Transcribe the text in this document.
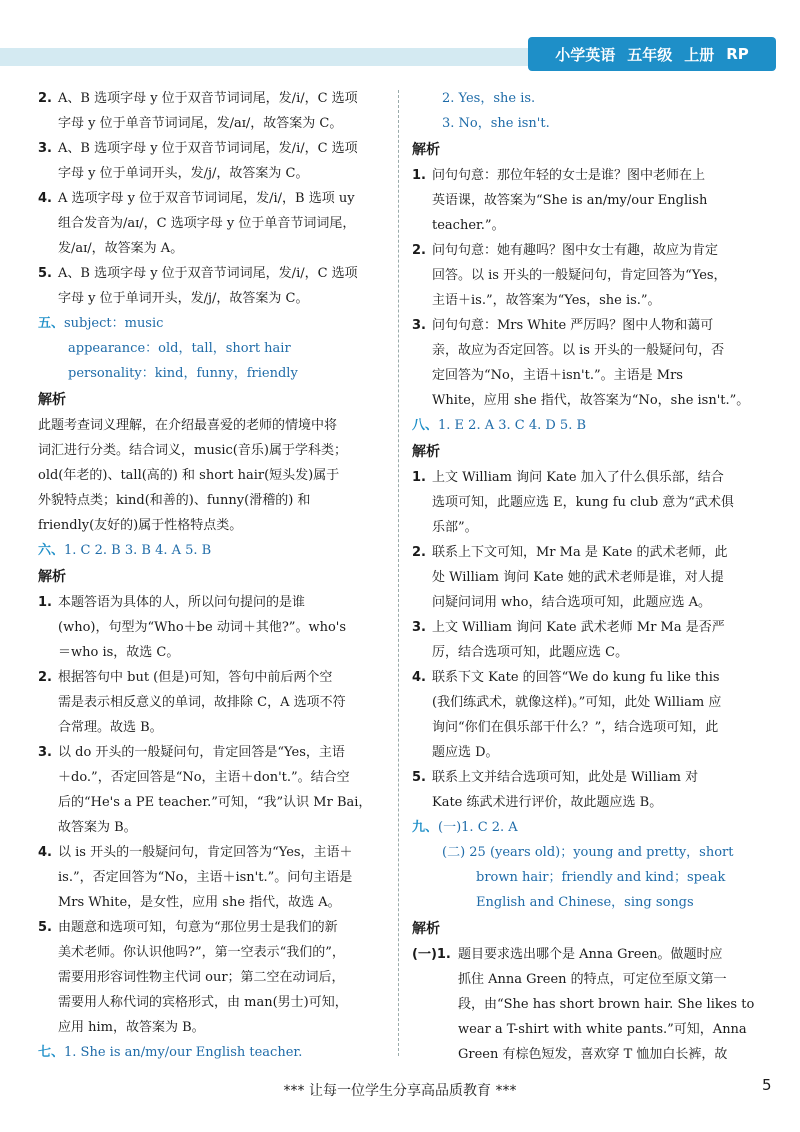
小学英语 五年级 上册 RP
2. A、B 选项字母 y 位于双音节词词尾，发/i/，C 选项
字母 y 位于单音节词词尾，发/aɪ/，故答案为 C。
3. A、B 选项字母 y 位于双音节词词尾，发/i/，C 选项
字母 y 位于单词开头，发/j/，故答案为 C。
4. A 选项字母 y 位于双音节词词尾，发/i/，B 选项 uy
组合发音为/aɪ/，C 选项字母 y 位于单音节词词尾，
发/aɪ/，故答案为 A。
5. A、B 选项字母 y 位于双音节词词尾，发/i/，C 选项
字母 y 位于单词开头，发/j/，故答案为 C。
五、subject：music
appearance：old，tall，short hair
personality：kind，funny，friendly
解析
此题考查词义理解，在介绍最喜爱的老师的情境中将
词汇进行分类。结合词义，music(音乐)属于学科类；
old(年老的)、tall(高的) 和 short hair(短头发)属于
外貌特点类；kind(和善的)、funny(滑稽的) 和
friendly(友好的)属于性格特点类。
六、1. C 2. B 3. B 4. A 5. B
解析
1. 本题答语为具体的人，所以问句提问的是谁
(who)，句型为“Who＋be 动词＋其他?”。who's
＝who is，故选 C。
2. 根据答句中 but (但是)可知，答句中前后两个空
需是表示相反意义的单词，故排除 C，A 选项不符
合常理。故选 B。
3. 以 do 开头的一般疑问句，肯定回答是“Yes，主语
＋do.”，否定回答是“No，主语＋don't.”。结合空
后的“He's a PE teacher.”可知，“我”认识 Mr Bai，
故答案为 B。
4. 以 is 开头的一般疑问句，肯定回答为“Yes，主语＋
is.”，否定回答为“No，主语＋isn't.”。问句主语是
Mrs White，是女性，应用 she 指代，故选 A。
5. 由题意和选项可知，句意为“那位男士是我们的新
美术老师。你认识他吗?”，第一空表示“我们的”，
需要用形容词性物主代词 our；第二空在动词后，
需要用人称代词的宾格形式，由 man(男士)可知，
应用 him，故答案为 B。
七、1. She is an/my/our English teacher.
2. Yes，she is.
3. No，she isn't.
解析
1. 问句句意：那位年轻的女士是谁？图中老师在上
英语课，故答案为“She is an/my/our English
teacher.”。
2. 问句句意：她有趣吗？图中女士有趣，故应为肯定
回答。以 is 开头的一般疑问句，肯定回答为“Yes，
主语＋is.”，故答案为“Yes，she is.”。
3. 问句句意：Mrs White 严厉吗？图中人物和蔼可
亲，故应为否定回答。以 is 开头的一般疑问句，否
定回答为“No，主语＋isn't.”。主语是 Mrs
White，应用 she 指代，故答案为“No，she isn't.”。
八、1. E 2. A 3. C 4. D 5. B
解析
1. 上文 William 询问 Kate 加入了什么俱乐部，结合
选项可知，此题应选 E，kung fu club 意为“武术俱
乐部”。
2. 联系上下文可知，Mr Ma 是 Kate 的武术老师，此
处 William 询问 Kate 她的武术老师是谁，对人提
问疑问词用 who，结合选项可知，此题应选 A。
3. 上文 William 询问 Kate 武术老师 Mr Ma 是否严
厉，结合选项可知，此题应选 C。
4. 联系下文 Kate 的回答“We do kung fu like this
(我们练武术，就像这样)。”可知，此处 William 应
询问“你们在俱乐部干什么？”，结合选项可知，此
题应选 D。
5. 联系上文并结合选项可知，此处是 William 对
Kate 练武术进行评价，故此题应选 B。
九、(一)1. C 2. A
(二) 25 (years old)；young and pretty，short
brown hair；friendly and kind；speak
English and Chinese，sing songs
解析
(一)1. 题目要求选出哪个是 Anna Green。做题时应
抓住 Anna Green 的特点，可定位至原文第一
段，由“She has short brown hair. She likes to
wear a T-shirt with white pants.”可知，Anna
Green 有棕色短发，喜欢穿 T 恤加白长裤，故
*** 让每一位学生分享高品质教育 ***	5
